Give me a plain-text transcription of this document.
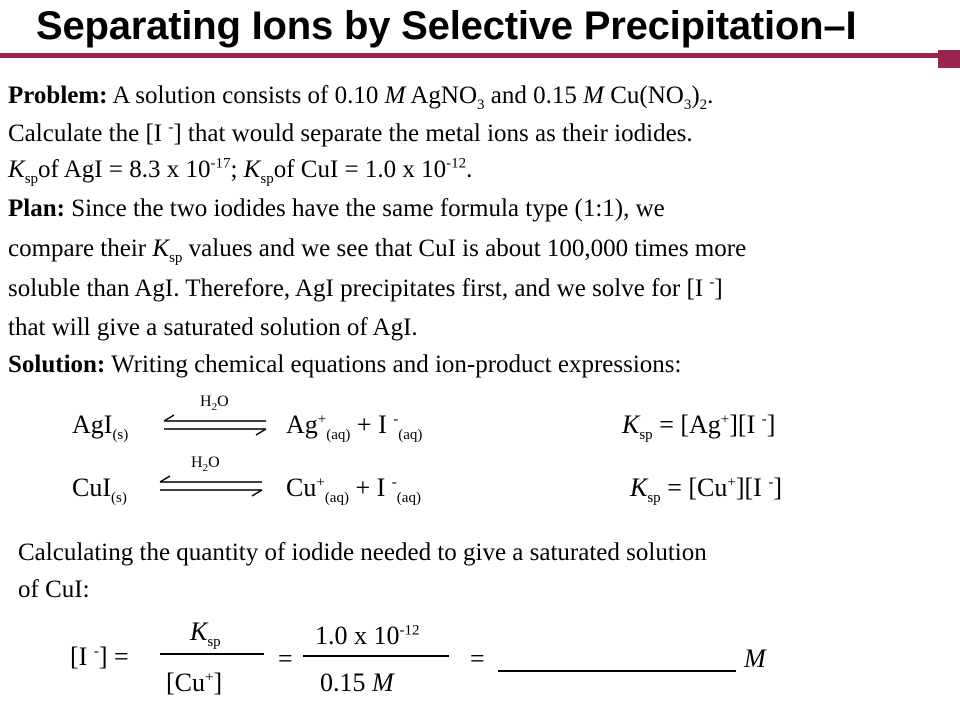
Separating Ions by Selective Precipitation–I
Problem: A solution consists of 0.10 M AgNO$_3$ and 0.15 M $Cu(NO_3)_2$.
Calculate the [I -] that would separate the metal ions as their iodides.
$K_{sp}of$ AgI = 8.3 x $10^{-17}$; $K_{sp}of$ CuI = 1.0 x $10^{-12}$.
Plan: Since the two iodides have the same formula type (1:1), we
compare their $K_{sp}$ values and we see that CuI is about 100,000 times more
soluble than AgI. Therefore, AgI precipitates first, and we solve for [I -]
that will give a saturated solution of AgI.
Solution: Writing chemical equations and ion-product expressions:
$H_2O$
AgI$_{(s)}$	$Ag^+_{(aq)} + I$ -$_{(aq)}$	$K_{sp} = [Ag^+][I$ -]
$H_2O$
CuI$_{(s)}$	$Cu^+_{(aq)} + I$ -$_{(aq)}$	$K_{sp} = [Cu^+][I$ -]
Calculating the quantity of iodide needed to give a saturated solution
of CuI:
[I -] =
$K_{sp}$
[Cu+]
=
1.0 x $10^{-12}$
0.15 M
=	M
